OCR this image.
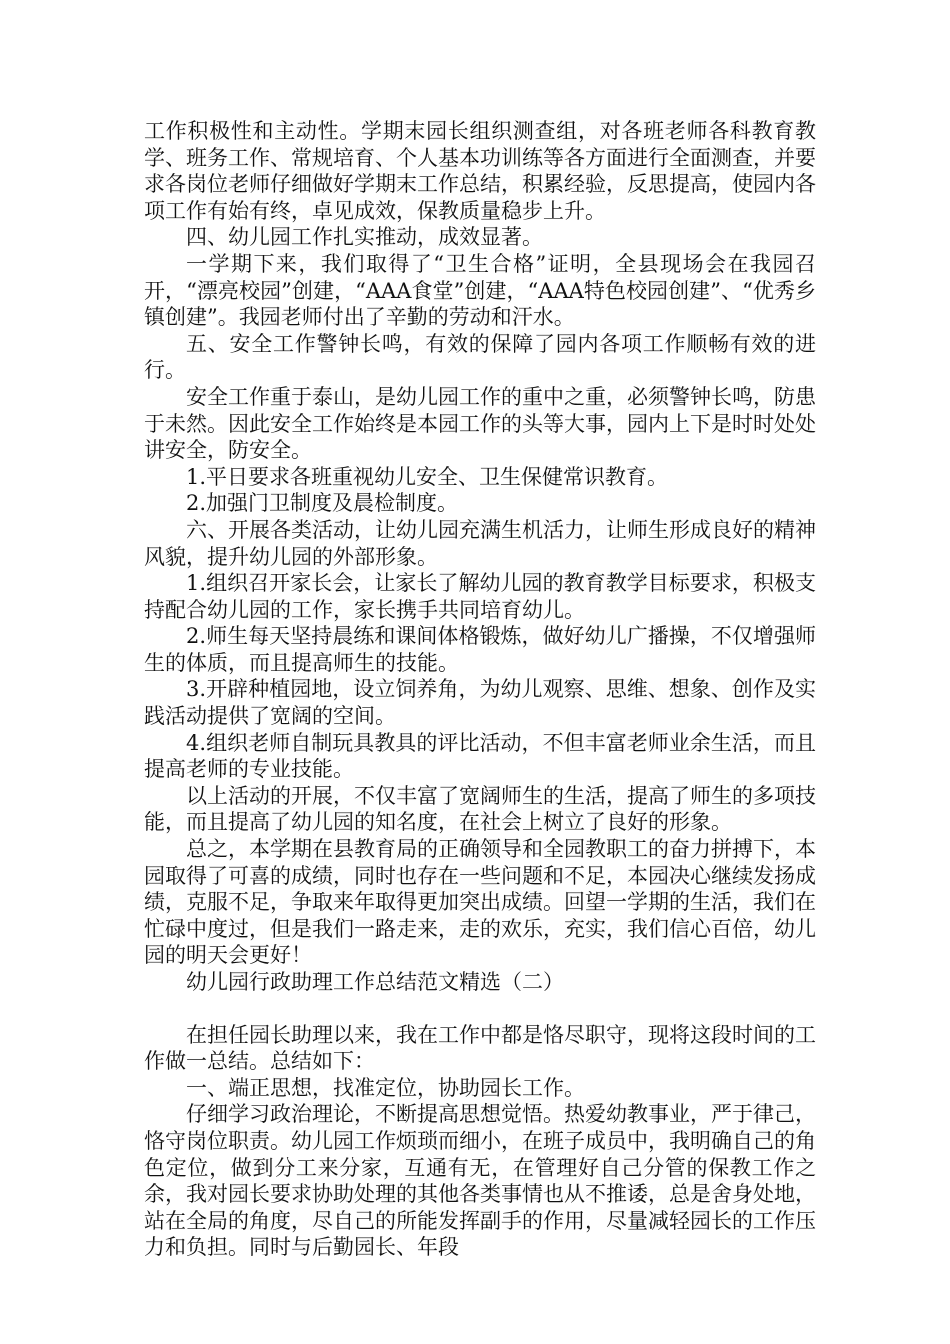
工作积极性和主动性。学期末园长组织测查组，对各班老师各科教育教学、班务工作、常规培育、个人基本功训练等各方面进行全面测查，并要求各岗位老师仔细做好学期末工作总结，积累经验，反思提高，使园内各项工作有始有终，卓见成效，保教质量稳步上升。

四、幼儿园工作扎实推动，成效显著。

一学期下来，我们取得了“卫生合格”证明，全县现场会在我园召开，“漂亮校园”创建，“AAA食堂”创建，“AAA特色校园创建”、“优秀乡镇创建”。我园老师付出了辛勤的劳动和汗水。

五、安全工作警钟长鸣，有效的保障了园内各项工作顺畅有效的进行。

安全工作重于泰山，是幼儿园工作的重中之重，必须警钟长鸣，防患于未然。因此安全工作始终是本园工作的头等大事，园内上下是时时处处讲安全，防安全。

1.平日要求各班重视幼儿安全、卫生保健常识教育。

2.加强门卫制度及晨检制度。

六、开展各类活动，让幼儿园充满生机活力，让师生形成良好的精神风貌，提升幼儿园的外部形象。

1.组织召开家长会，让家长了解幼儿园的教育教学目标要求，积极支持配合幼儿园的工作，家长携手共同培育幼儿。

2.师生每天坚持晨练和课间体格锻炼，做好幼儿广播操，不仅增强师生的体质，而且提高师生的技能。

3.开辟种植园地，设立饲养角，为幼儿观察、思维、想象、创作及实践活动提供了宽阔的空间。

4.组织老师自制玩具教具的评比活动，不但丰富老师业余生活，而且提高老师的专业技能。

以上活动的开展，不仅丰富了宽阔师生的生活，提高了师生的多项技能，而且提高了幼儿园的知名度，在社会上树立了良好的形象。

总之，本学期在县教育局的正确领导和全园教职工的奋力拼搏下，本园取得了可喜的成绩，同时也存在一些问题和不足，本园决心继续发扬成绩，克服不足，争取来年取得更加突出成绩。回望一学期的生活，我们在忙碌中度过，但是我们一路走来，走的欢乐，充实，我们信心百倍，幼儿园的明天会更好！

幼儿园行政助理工作总结范文精选（二）

在担任园长助理以来，我在工作中都是恪尽职守，现将这段时间的工作做一总结。总结如下：

一、端正思想，找准定位，协助园长工作。

仔细学习政治理论，不断提高思想觉悟。热爱幼教事业，严于律己，恪守岗位职责。幼儿园工作烦琐而细小，在班子成员中，我明确自己的角色定位，做到分工来分家，互通有无，在管理好自己分管的保教工作之余，我对园长要求协助处理的其他各类事情也从不推诿，总是舍身处地，站在全局的角度，尽自己的所能发挥副手的作用，尽量减轻园长的工作压力和负担。同时与后勤园长、年段
